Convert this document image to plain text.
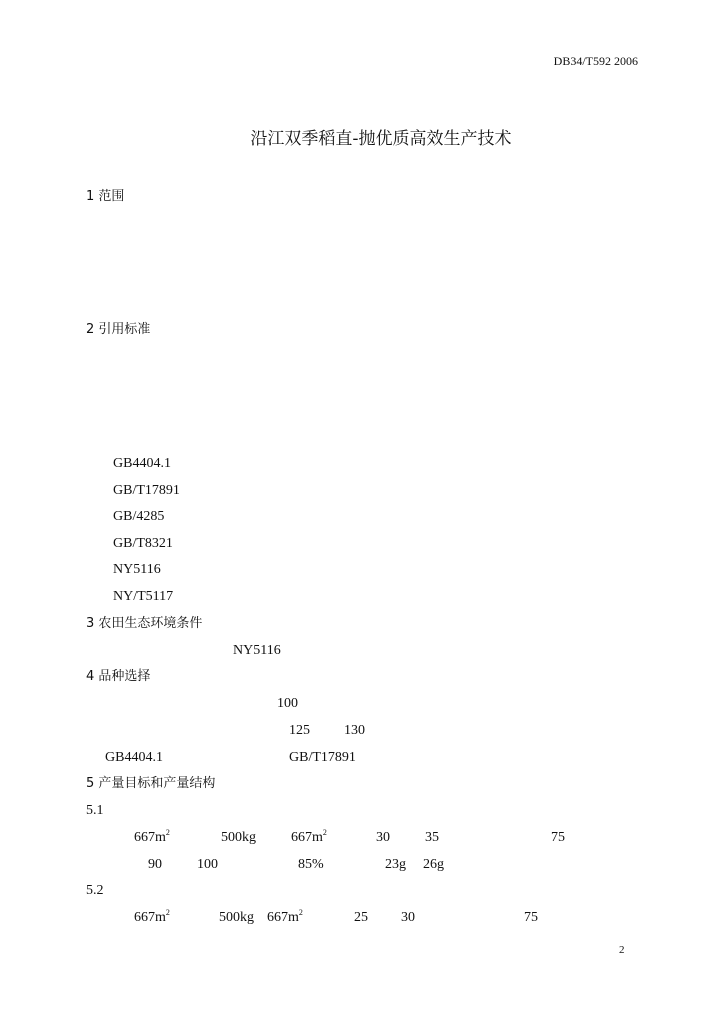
DB34/T592 2006
沿江双季稻直-抛优质高效生产技术
1 范围
2 引用标准
GB4404.1
GB/T17891
GB/4285
GB/T8321
NY5116
NY/T5117
3 农田生态环境条件
NY5116
4 品种选择
100
125 130
GB4404.1	GB/T17891
5 产量目标和产量结构
5.1
$667m^2$	500kg	$667m^2$	30	35	75
90	100	85%	23g 26g
5.2
$667m^2$	500kg $667m^2$	25 30	75
2
